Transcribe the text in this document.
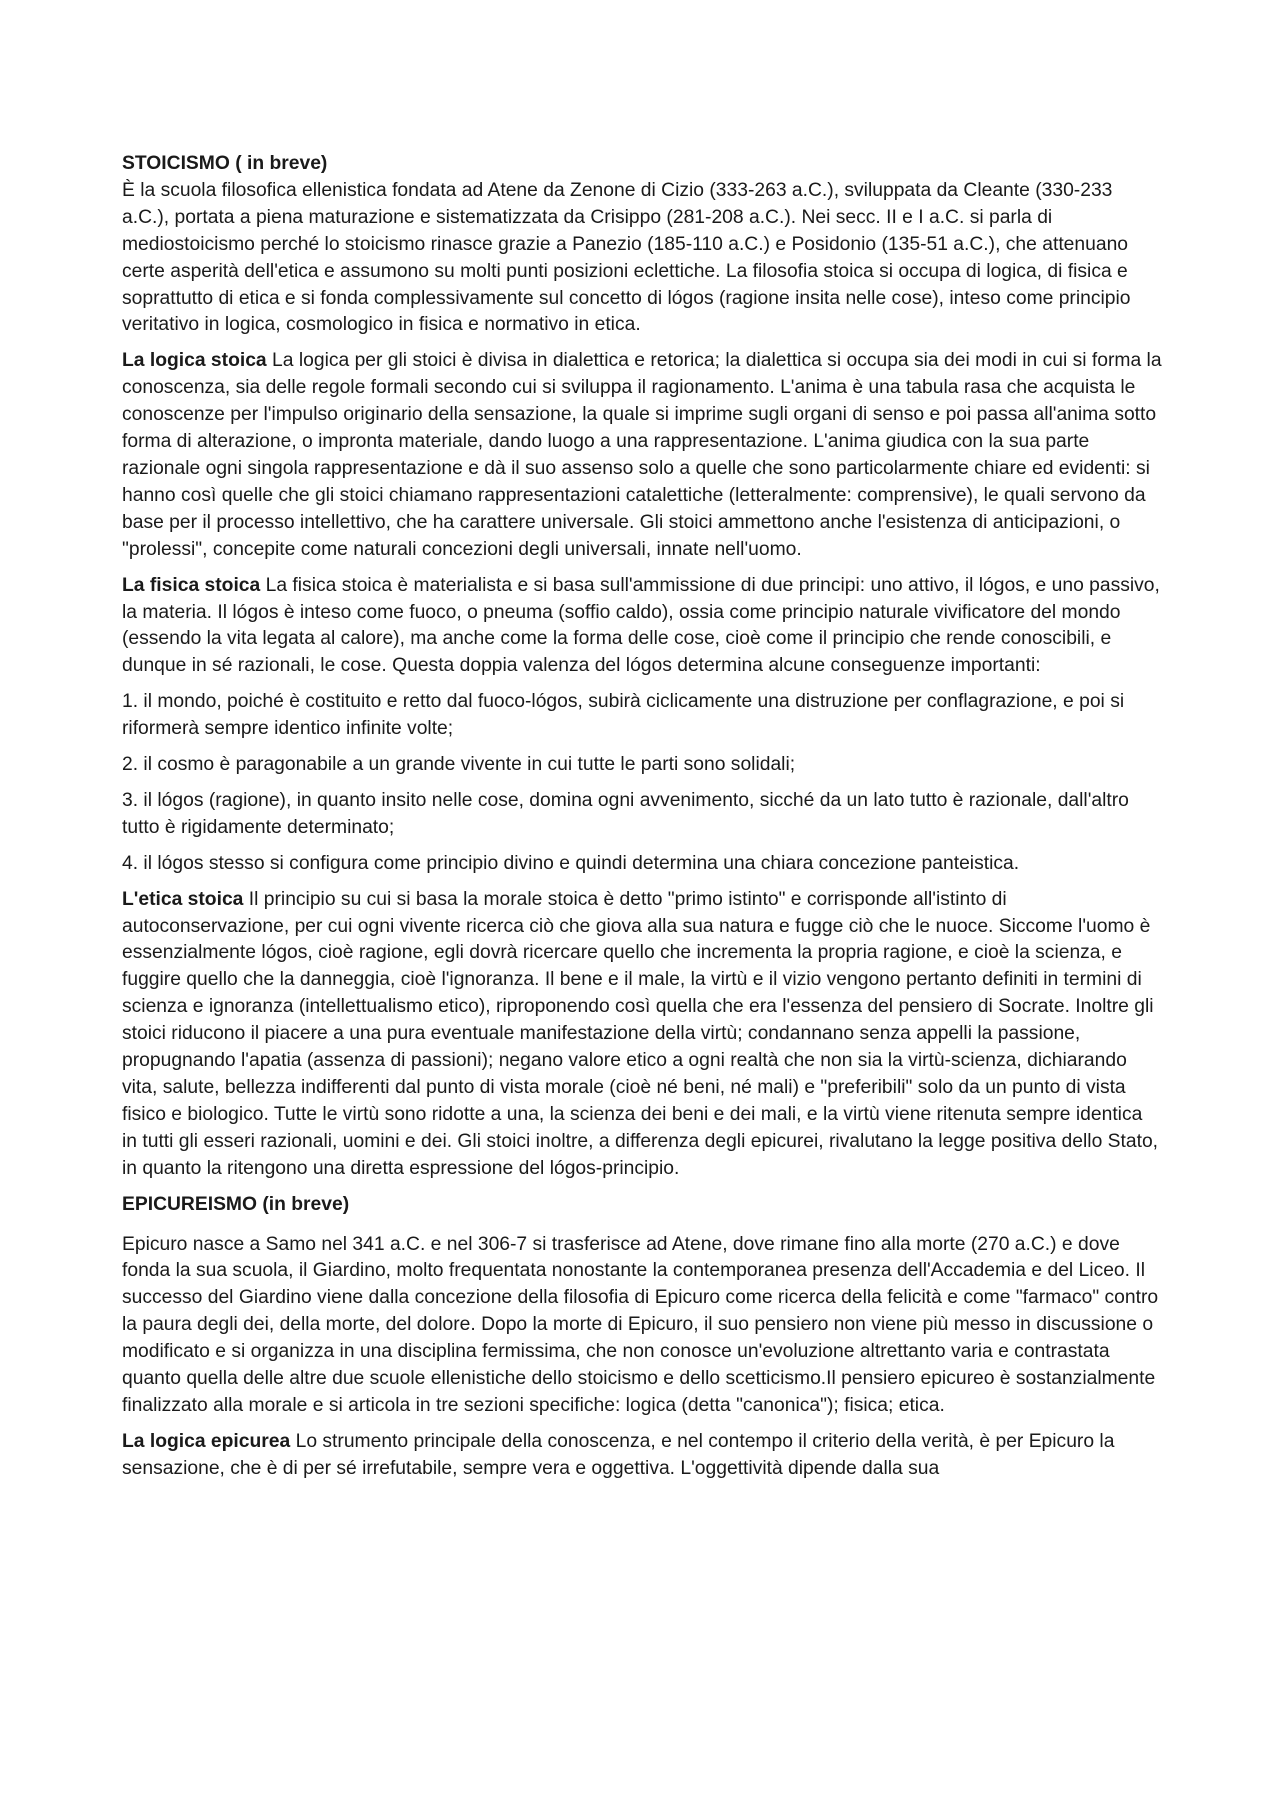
STOICISMO ( in breve)

È la scuola filosofica ellenistica fondata ad Atene da Zenone di Cizio (333-263 a.C.), sviluppata da Cleante (330-233 a.C.), portata a piena maturazione e sistematizzata da Crisippo (281-208 a.C.). Nei secc. II e I a.C. si parla di mediostoicismo perché lo stoicismo rinasce grazie a Panezio (185-110 a.C.) e Posidonio (135-51 a.C.), che attenuano certe asperità dell'etica e assumono su molti punti posizioni eclettiche. La filosofia stoica si occupa di logica, di fisica e soprattutto di etica e si fonda complessivamente sul concetto di lógos (ragione insita nelle cose), inteso come principio veritativo in logica, cosmologico in fisica e normativo in etica.

La logica stoica La logica per gli stoici è divisa in dialettica e retorica; la dialettica si occupa sia dei modi in cui si forma la conoscenza, sia delle regole formali secondo cui si sviluppa il ragionamento. L'anima è una tabula rasa che acquista le conoscenze per l'impulso originario della sensazione, la quale si imprime sugli organi di senso e poi passa all'anima sotto forma di alterazione, o impronta materiale, dando luogo a una rappresentazione. L'anima giudica con la sua parte razionale ogni singola rappresentazione e dà il suo assenso solo a quelle che sono particolarmente chiare ed evidenti: si hanno così quelle che gli stoici chiamano rappresentazioni catalettiche (letteralmente: comprensive), le quali servono da base per il processo intellettivo, che ha carattere universale. Gli stoici ammettono anche l'esistenza di anticipazioni, o "prolessi", concepite come naturali concezioni degli universali, innate nell'uomo.

La fisica stoica La fisica stoica è materialista e si basa sull'ammissione di due principi: uno attivo, il lógos, e uno passivo, la materia. Il lógos è inteso come fuoco, o pneuma (soffio caldo), ossia come principio naturale vivificatore del mondo (essendo la vita legata al calore), ma anche come la forma delle cose, cioè come il principio che rende conoscibili, e dunque in sé razionali, le cose. Questa doppia valenza del lógos determina alcune conseguenze importanti:

1. il mondo, poiché è costituito e retto dal fuoco-lógos, subirà ciclicamente una distruzione per conflagrazione, e poi si riformerà sempre identico infinite volte;

2. il cosmo è paragonabile a un grande vivente in cui tutte le parti sono solidali;

3. il lógos (ragione), in quanto insito nelle cose, domina ogni avvenimento, sicché da un lato tutto è razionale, dall'altro tutto è rigidamente determinato;

4. il lógos stesso si configura come principio divino e quindi determina una chiara concezione panteistica.

L'etica stoica Il principio su cui si basa la morale stoica è detto "primo istinto" e corrisponde all'istinto di autoconservazione, per cui ogni vivente ricerca ciò che giova alla sua natura e fugge ciò che le nuoce. Siccome l'uomo è essenzialmente lógos, cioè ragione, egli dovrà ricercare quello che incrementa la propria ragione, e cioè la scienza, e fuggire quello che la danneggia, cioè l'ignoranza. Il bene e il male, la virtù e il vizio vengono pertanto definiti in termini di scienza e ignoranza (intellettualismo etico), riproponendo così quella che era l'essenza del pensiero di Socrate. Inoltre gli stoici riducono il piacere a una pura eventuale manifestazione della virtù; condannano senza appelli la passione, propugnando l'apatia (assenza di passioni); negano valore etico a ogni realtà che non sia la virtù-scienza, dichiarando vita, salute, bellezza indifferenti dal punto di vista morale (cioè né beni, né mali) e "preferibili" solo da un punto di vista fisico e biologico. Tutte le virtù sono ridotte a una, la scienza dei beni e dei mali, e la virtù viene ritenuta sempre identica in tutti gli esseri razionali, uomini e dei. Gli stoici inoltre, a differenza degli epicurei, rivalutano la legge positiva dello Stato, in quanto la ritengono una diretta espressione del lógos-principio.

EPICUREISMO (in breve)

Epicuro nasce a Samo nel 341 a.C. e nel 306-7 si trasferisce ad Atene, dove rimane fino alla morte (270 a.C.) e dove fonda la sua scuola, il Giardino, molto frequentata nonostante la contemporanea presenza dell'Accademia e del Liceo. Il successo del Giardino viene dalla concezione della filosofia di Epicuro come ricerca della felicità e come "farmaco" contro la paura degli dei, della morte, del dolore. Dopo la morte di Epicuro, il suo pensiero non viene più messo in discussione o modificato e si organizza in una disciplina fermissima, che non conosce un'evoluzione altrettanto varia e contrastata quanto quella delle altre due scuole ellenistiche dello stoicismo e dello scetticismo.Il pensiero epicureo è sostanzialmente finalizzato alla morale e si articola in tre sezioni specifiche: logica (detta "canonica"); fisica; etica.

La logica epicurea Lo strumento principale della conoscenza, e nel contempo il criterio della verità, è per Epicuro la sensazione, che è di per sé irrefutabile, sempre vera e oggettiva. L'oggettività dipende dalla sua
